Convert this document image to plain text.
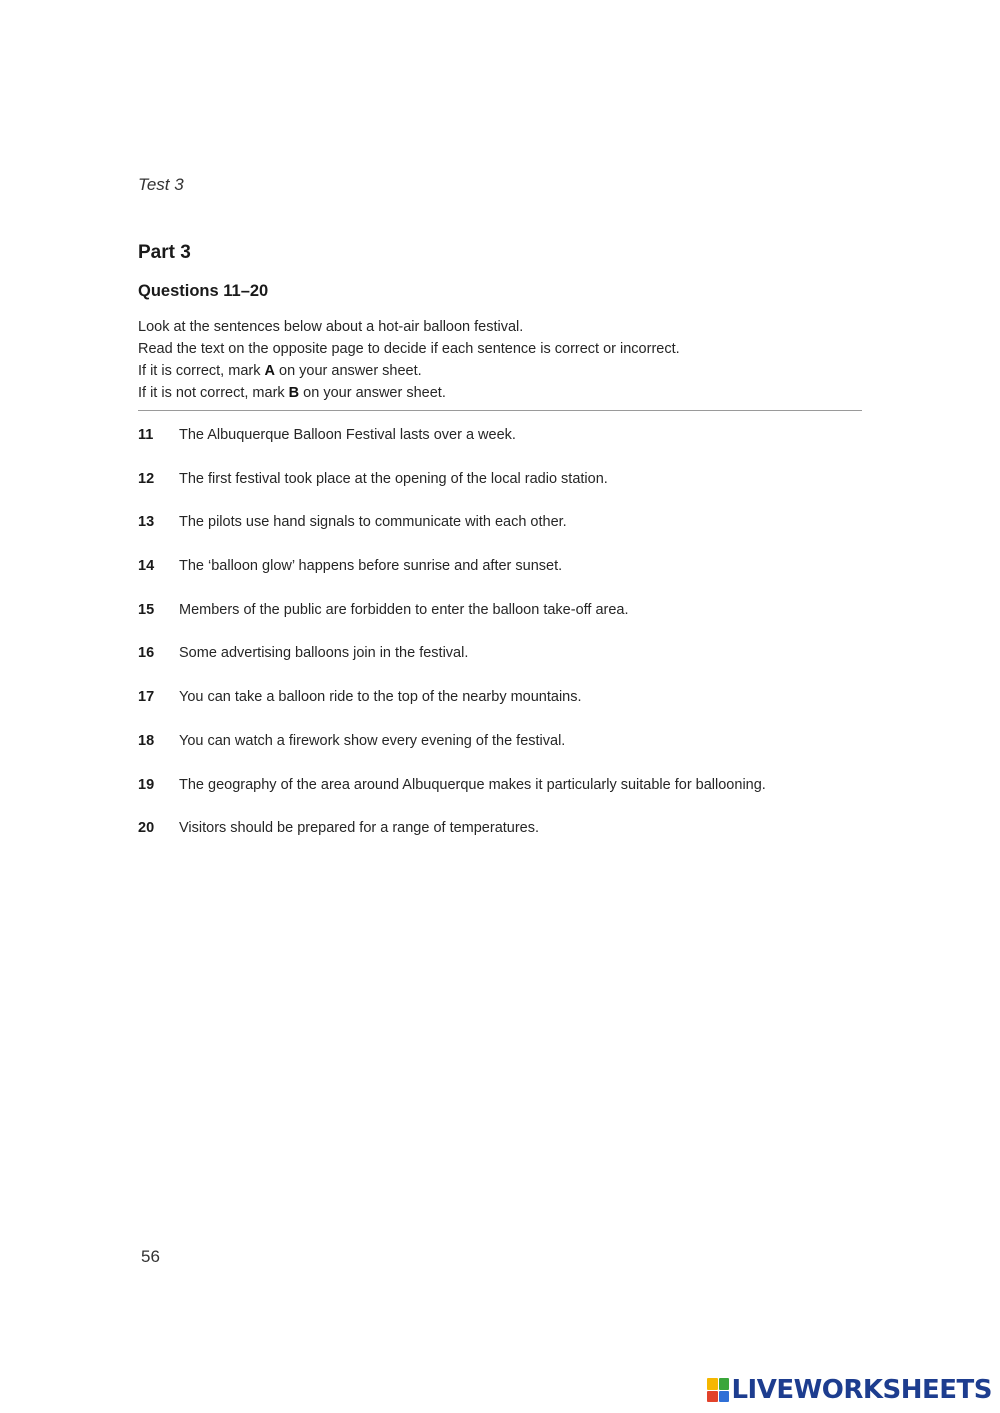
Test 3
Part 3
Questions 11–20
Look at the sentences below about a hot-air balloon festival.
Read the text on the opposite page to decide if each sentence is correct or incorrect.
If it is correct, mark A on your answer sheet.
If it is not correct, mark B on your answer sheet.
11	The Albuquerque Balloon Festival lasts over a week.
12	The first festival took place at the opening of the local radio station.
13	The pilots use hand signals to communicate with each other.
14	The ‘balloon glow’ happens before sunrise and after sunset.
15	Members of the public are forbidden to enter the balloon take-off area.
16	Some advertising balloons join in the festival.
17	You can take a balloon ride to the top of the nearby mountains.
18	You can watch a firework show every evening of the festival.
19	The geography of the area around Albuquerque makes it particularly suitable for ballooning.
20	Visitors should be prepared for a range of temperatures.
56
LIVEWORKSHEETS
